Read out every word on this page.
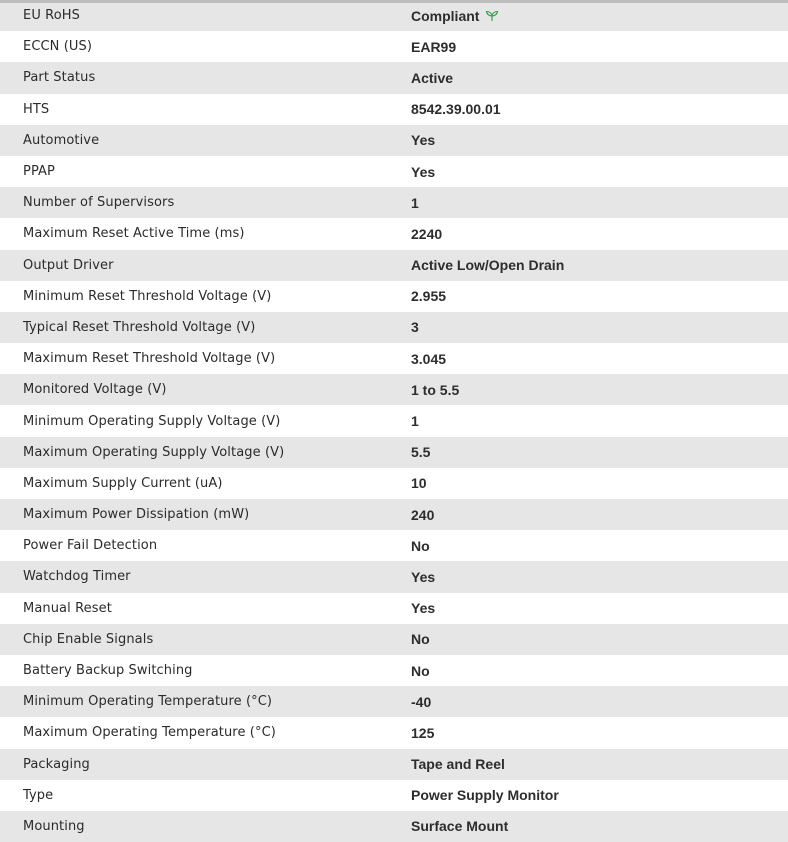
EU RoHS	Compliant
ECCN (US)	EAR99
Part Status	Active
HTS	8542.39.00.01
Automotive	Yes
PPAP	Yes
Number of Supervisors	1
Maximum Reset Active Time (ms)	2240
Output Driver	Active Low/Open Drain
Minimum Reset Threshold Voltage (V)	2.955
Typical Reset Threshold Voltage (V)	3
Maximum Reset Threshold Voltage (V)	3.045
Monitored Voltage (V)	1 to 5.5
Minimum Operating Supply Voltage (V)	1
Maximum Operating Supply Voltage (V)	5.5
Maximum Supply Current (uA)	10
Maximum Power Dissipation (mW)	240
Power Fail Detection	No
Watchdog Timer	Yes
Manual Reset	Yes
Chip Enable Signals	No
Battery Backup Switching	No
Minimum Operating Temperature (°C)	-40
Maximum Operating Temperature (°C)	125
Packaging	Tape and Reel
Type	Power Supply Monitor
Mounting	Surface Mount
